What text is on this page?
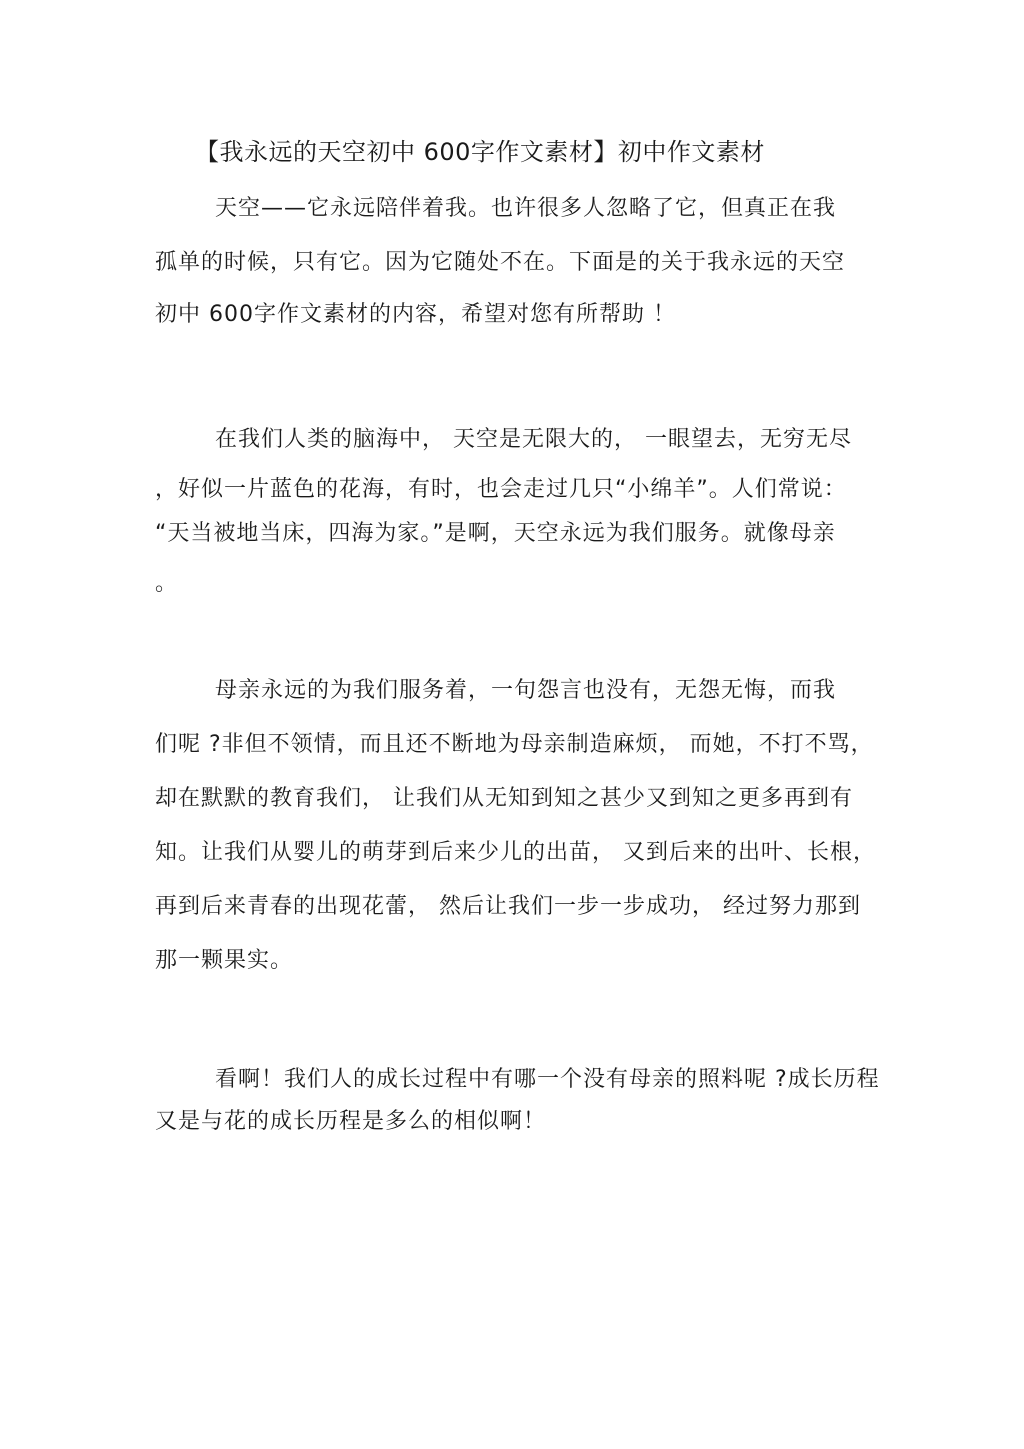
【我永远的天空初中 600字作文素材】初中作文素材
天空——它永远陪伴着我。也许很多人忽略了它，但真正在我
孤单的时候，只有它。因为它随处不在。下面是的关于我永远的天空
初中 600字作文素材的内容，希望对您有所帮助 ！
在我们人类的脑海中， 天空是无限大的， 一眼望去，无穷无尽
，好似一片蓝色的花海，有时，也会走过几只“小绵羊”。人们常说：
“天当被地当床，四海为家。”是啊，天空永远为我们服务。就像母亲
。
母亲永远的为我们服务着，一句怨言也没有，无怨无悔，而我
们呢 ?非但不领情，而且还不断地为母亲制造麻烦， 而她，不打不骂，
却在默默的教育我们， 让我们从无知到知之甚少又到知之更多再到有
知。让我们从婴儿的萌芽到后来少儿的出苗， 又到后来的出叶、长根，
再到后来青春的出现花蕾， 然后让我们一步一步成功， 经过努力那到
那一颗果实。
看啊！我们人的成长过程中有哪一个没有母亲的照料呢 ?成长历程
又是与花的成长历程是多么的相似啊！
